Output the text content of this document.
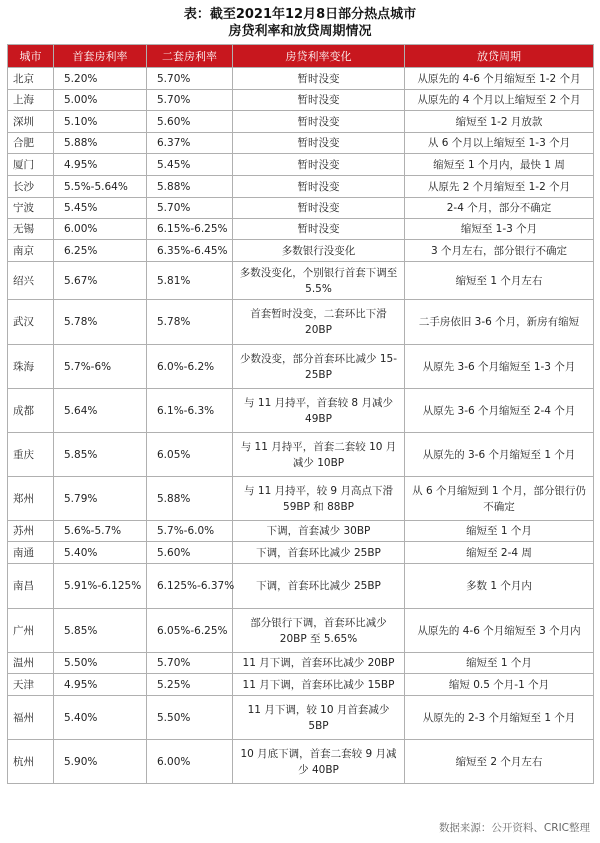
表：截至2021年12月8日部分热点城市
房贷利率和放贷周期情况
城市	首套房利率	二套房利率	房贷利率变化	放贷周期
北京	5.20%	5.70%	暂时没变	从原先的 4-6 个月缩短至 1-2 个月
上海	5.00%	5.70%	暂时没变	从原先的 4 个月以上缩短至 2 个月
深圳	5.10%	5.60%	暂时没变	缩短至 1-2 月放款
合肥	5.88%	6.37%	暂时没变	从 6 个月以上缩短至 1-3 个月
厦门	4.95%	5.45%	暂时没变	缩短至 1 个月内，最快 1 周
长沙	5.5%-5.64%	5.88%	暂时没变	从原先 2 个月缩短至 1-2 个月
宁波	5.45%	5.70%	暂时没变	2-4 个月，部分不确定
无锡	6.00%	6.15%-6.25%	暂时没变	缩短至 1-3 个月
南京	6.25%	6.35%-6.45%	多数银行没变化	3 个月左右，部分银行不确定
绍兴	5.67%	5.81%	多数没变化，个别银行首套下调至 5.5%	缩短至 1 个月左右
武汉	5.78%	5.78%	首套暂时没变，二套环比下滑 20BP	二手房依旧 3-6 个月，新房有缩短
珠海	5.7%-6%	6.0%-6.2%	少数没变，部分首套环比减少 15-25BP	从原先 3-6 个月缩短至 1-3 个月
成都	5.64%	6.1%-6.3%	与 11 月持平，首套较 8 月减少 49BP	从原先 3-6 个月缩短至 2-4 个月
重庆	5.85%	6.05%	与 11 月持平，首套二套较 10 月减少 10BP	从原先的 3-6 个月缩短至 1 个月
郑州	5.79%	5.88%	与 11 月持平，较 9 月高点下滑 59BP 和 88BP	从 6 个月缩短到 1 个月，部分银行仍不确定
苏州	5.6%-5.7%	5.7%-6.0%	下调，首套减少 30BP	缩短至 1 个月
南通	5.40%	5.60%	下调，首套环比减少 25BP	缩短至 2-4 周
南昌	5.91%-6.125%	6.125%-6.37%	下调，首套环比减少 25BP	多数 1 个月内
广州	5.85%	6.05%-6.25%	部分银行下调，首套环比减少 20BP 至 5.65%	从原先的 4-6 个月缩短至 3 个月内
温州	5.50%	5.70%	11 月下调，首套环比减少 20BP	缩短至 1 个月
天津	4.95%	5.25%	11 月下调，首套环比减少 15BP	缩短 0.5 个月-1 个月
福州	5.40%	5.50%	11 月下调，较 10 月首套减少 5BP	从原先的 2-3 个月缩短至 1 个月
杭州	5.90%	6.00%	10 月底下调，首套二套较 9 月减少 40BP	缩短至 2 个月左右
数据来源：公开资料、CRIC整理
